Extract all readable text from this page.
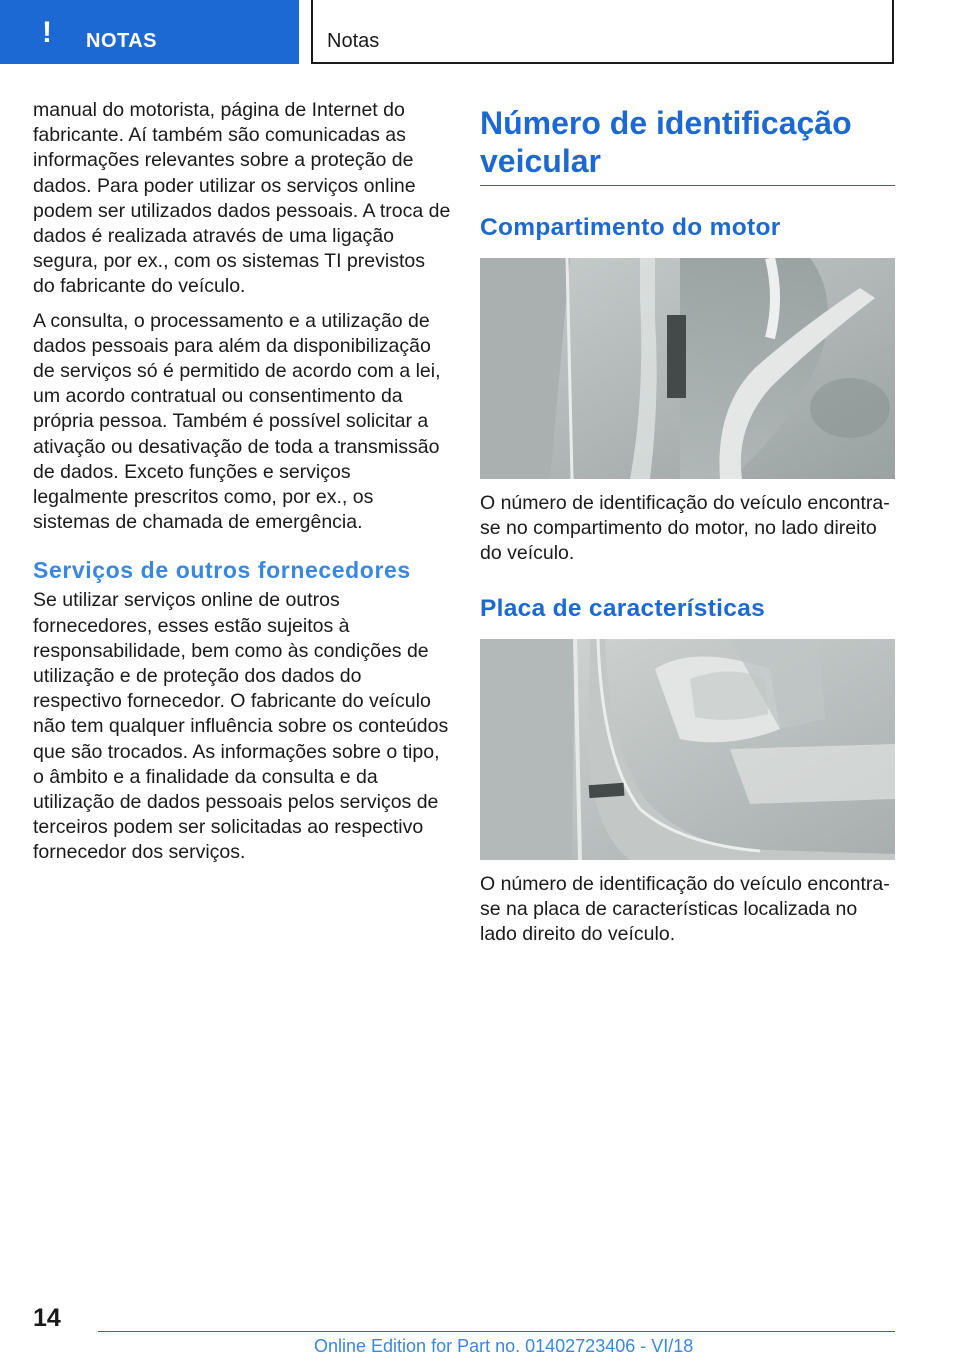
! NOTAS	Notas

manual do motorista, página de Internet do fabricante. Aí também são comunicadas as informações relevantes sobre a proteção de dados. Para poder utilizar os serviços online podem ser utilizados dados pessoais. A troca de dados é realizada através de uma ligação segura, por ex., com os sistemas TI previstos do fabricante do veículo.

A consulta, o processamento e a utilização de dados pessoais para além da disponibilização de serviços só é permitido de acordo com a lei, um acordo contratual ou consentimento da própria pessoa. Também é possível solicitar a ativação ou desativação de toda a transmissão de dados. Exceto funções e serviços legalmente prescritos como, por ex., os sistemas de chamada de emergência.

Serviços de outros fornecedores

Se utilizar serviços online de outros fornecedores, esses estão sujeitos à responsabilidade, bem como às condições de utilização e de proteção dos dados do respectivo fornecedor. O fabricante do veículo não tem qualquer influência sobre os conteúdos que são trocados. As informações sobre o tipo, o âmbito e a finalidade da consulta e da utilização de dados pessoais pelos serviços de terceiros podem ser solicitadas ao respectivo fornecedor dos serviços.

Número de identificação veicular
Compartimento do motor

O número de identificação do veículo encontra-se no compartimento do motor, no lado direito do veículo.

Placa de características

O número de identificação do veículo encontra-se na placa de características localizada no lado direito do veículo.

14
Online Edition for Part no. 01402723406 - VI/18
